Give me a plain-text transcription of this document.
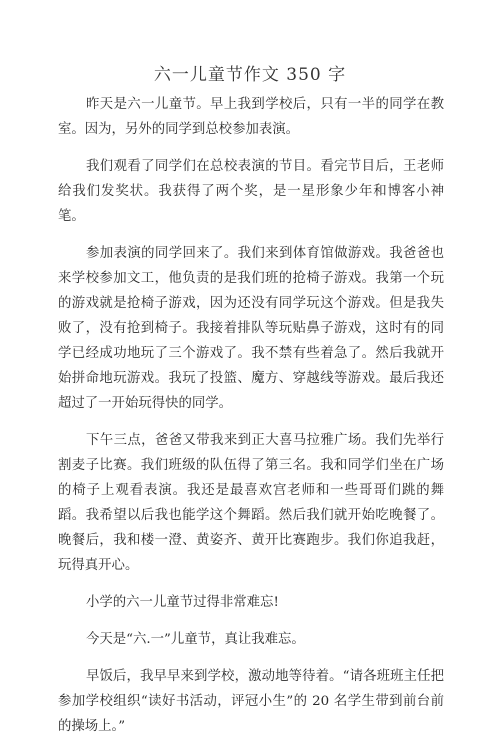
六一儿童节作文 350 字

昨天是六一儿童节。早上我到学校后，只有一半的同学在教室。因为，另外的同学到总校参加表演。

我们观看了同学们在总校表演的节目。看完节目后，王老师给我们发奖状。我获得了两个奖，是一星形象少年和博客小神笔。

参加表演的同学回来了。我们来到体育馆做游戏。我爸爸也来学校参加文工，他负责的是我们班的抢椅子游戏。我第一个玩的游戏就是抢椅子游戏，因为还没有同学玩这个游戏。但是我失败了，没有抢到椅子。我接着排队等玩贴鼻子游戏，这时有的同学已经成功地玩了三个游戏了。我不禁有些着急了。然后我就开始拼命地玩游戏。我玩了投篮、魔方、穿越线等游戏。最后我还超过了一开始玩得快的同学。

下午三点，爸爸又带我来到正大喜马拉雅广场。我们先举行割麦子比赛。我们班级的队伍得了第三名。我和同学们坐在广场的椅子上观看表演。我还是最喜欢宫老师和一些哥哥们跳的舞蹈。我希望以后我也能学这个舞蹈。然后我们就开始吃晚餐了。晚餐后，我和楼一澄、黄姿齐、黄开比赛跑步。我们你追我赶，玩得真开心。

小学的六一儿童节过得非常难忘!

今天是“六.一”儿童节，真让我难忘。

早饭后，我早早来到学校，激动地等待着。“请各班班主任把参加学校组织“读好书活动，评冠小生”的 20 名学生带到前台前的操场上。”
